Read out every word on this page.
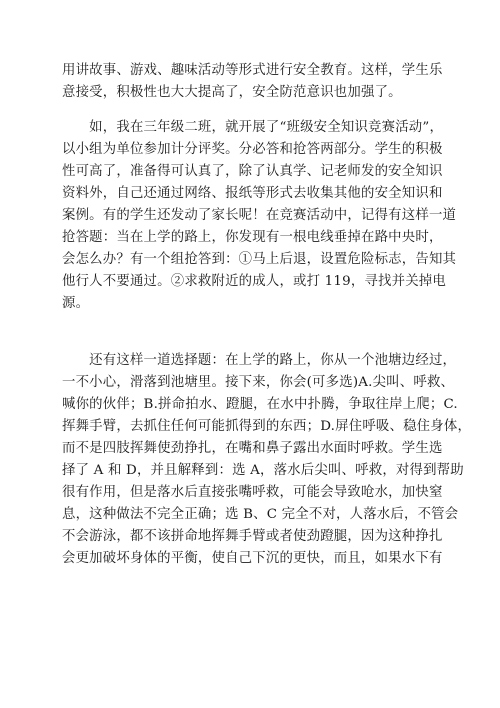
用讲故事、游戏、趣味活动等形式进行安全教育。这样，学生乐
意接受，积极性也大大提高了，安全防范意识也加强了。
　　如，我在三年级二班，就开展了“班级安全知识竞赛活动”，
以小组为单位参加计分评奖。分必答和抢答两部分。学生的积极
性可高了，准备得可认真了，除了认真学、记老师发的安全知识
资料外，自己还通过网络、报纸等形式去收集其他的安全知识和
案例。有的学生还发动了家长呢！在竞赛活动中，记得有这样一道
抢答题：当在上学的路上，你发现有一根电线垂掉在路中央时，
会怎么办？有一个组抢答到：①马上后退，设置危险标志，告知其
他行人不要通过。②求救附近的成人，或打 119，寻找并关掉电
源。
　　还有这样一道选择题：在上学的路上，你从一个池塘边经过，
一不小心，滑落到池塘里。接下来，你会(可多选)A.尖叫、呼救、
喊你的伙伴；B.拼命拍水、蹬腿，在水中扑腾，争取往岸上爬；C.
挥舞手臂，去抓住任何可能抓得到的东西；D.屏住呼吸、稳住身体，
而不是四肢挥舞使劲挣扎，在嘴和鼻子露出水面时呼救。学生选
择了 A 和 D，并且解释到：选 A，落水后尖叫、呼救，对得到帮助
很有作用，但是落水后直接张嘴呼救，可能会导致呛水，加快窒
息，这种做法不完全正确；选 B、C 完全不对，人落水后，不管会
不会游泳，都不该拼命地挥舞手臂或者使劲蹬腿，因为这种挣扎
会更加破坏身体的平衡，使自己下沉的更快，而且，如果水下有
